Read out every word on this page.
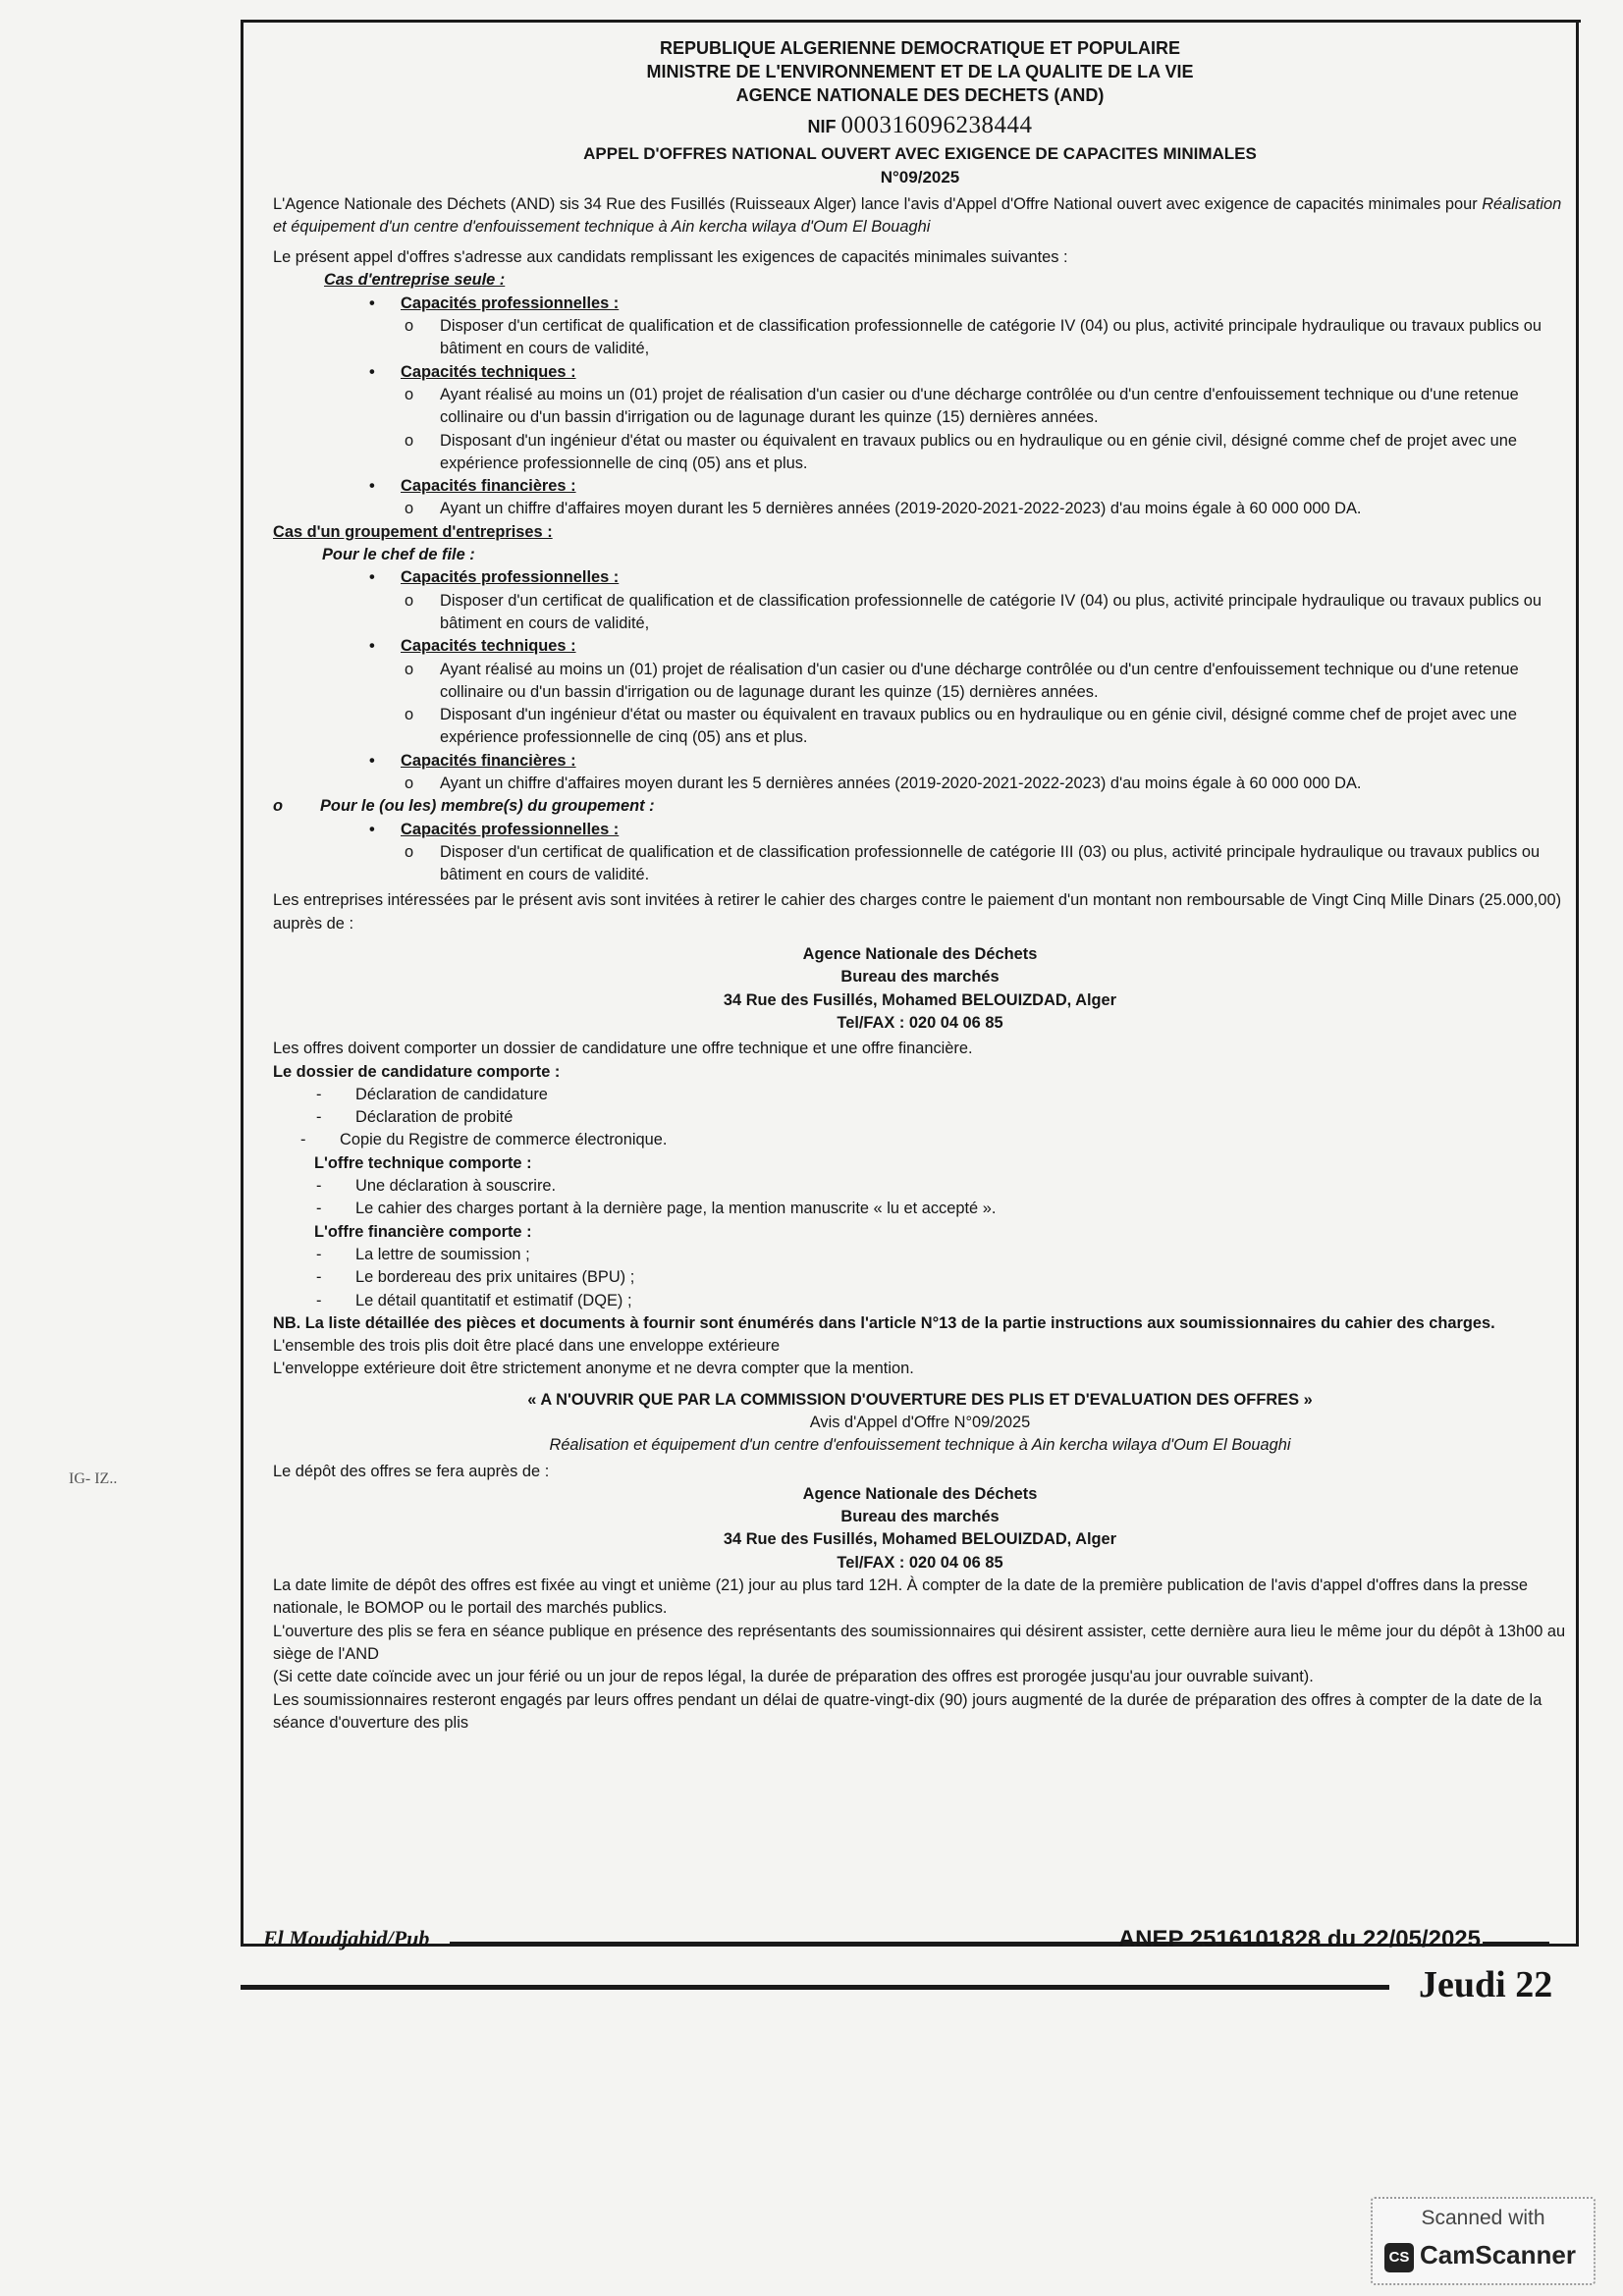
IG- IZ..

REPUBLIQUE ALGERIENNE DEMOCRATIQUE ET POPULAIRE

MINISTRE DE L'ENVIRONNEMENT ET DE LA QUALITE DE LA VIE

AGENCE NATIONALE DES DECHETS (AND)

NIF 000316096238444

APPEL D'OFFRES NATIONAL OUVERT AVEC EXIGENCE DE CAPACITES MINIMALES

N°09/2025

L'Agence Nationale des Déchets (AND) sis 34 Rue des Fusillés (Ruisseaux Alger) lance l'avis d'Appel d'Offre National ouvert avec exigence de capacités minimales pour Réalisation et équipement d'un centre d'enfouissement technique à Ain kercha wilaya d'Oum El Bouaghi

Le présent appel d'offres s'adresse aux candidats remplissant les exigences de capacités minimales suivantes :

Cas d'entreprise seule :

• Capacités professionnelles :

o Disposer d'un certificat de qualification et de classification professionnelle de catégorie IV (04) ou plus, activité principale hydraulique ou travaux publics ou bâtiment en cours de validité,

• Capacités techniques :

o Ayant réalisé au moins un (01) projet de réalisation d'un casier ou d'une décharge contrôlée ou d'un centre d'enfouissement technique ou d'une retenue collinaire ou d'un bassin d'irrigation ou de lagunage durant les quinze (15) dernières années.

o Disposant d'un ingénieur d'état ou master ou équivalent en travaux publics ou en hydraulique ou en génie civil, désigné comme chef de projet avec une expérience professionnelle de cinq (05) ans et plus.

• Capacités financières :

o Ayant un chiffre d'affaires moyen durant les 5 dernières années (2019-2020-2021-2022-2023) d'au moins égale à 60 000 000 DA.

Cas d'un groupement d'entreprises :

Pour le chef de file :

• Capacités professionnelles :

o Disposer d'un certificat de qualification et de classification professionnelle de catégorie IV (04) ou plus, activité principale hydraulique ou travaux publics ou bâtiment en cours de validité,

• Capacités techniques :

o Ayant réalisé au moins un (01) projet de réalisation d'un casier ou d'une décharge contrôlée ou d'un centre d'enfouissement technique ou d'une retenue collinaire ou d'un bassin d'irrigation ou de lagunage durant les quinze (15) dernières années.

o Disposant d'un ingénieur d'état ou master ou équivalent en travaux publics ou en hydraulique ou en génie civil, désigné comme chef de projet avec une expérience professionnelle de cinq (05) ans et plus.

• Capacités financières :

o Ayant un chiffre d'affaires moyen durant les 5 dernières années (2019-2020-2021-2022-2023) d'au moins égale à 60 000 000 DA.

o Pour le (ou les) membre(s) du groupement :

• Capacités professionnelles :

o Disposer d'un certificat de qualification et de classification professionnelle de catégorie III (03) ou plus, activité principale hydraulique ou travaux publics ou bâtiment en cours de validité.

Les entreprises intéressées par le présent avis sont invitées à retirer le cahier des charges contre le paiement d'un montant non remboursable de Vingt Cinq Mille Dinars (25.000,00) auprès de :

Agence Nationale des Déchets

Bureau des marchés

34 Rue des Fusillés, Mohamed BELOUIZDAD, Alger

Tel/FAX : 020 04 06 85

Les offres doivent comporter un dossier de candidature une offre technique et une offre financière.

Le dossier de candidature comporte :

- Déclaration de candidature

- Déclaration de probité

- Copie du Registre de commerce électronique.

L'offre technique comporte :

- Une déclaration à souscrire.

- Le cahier des charges portant à la dernière page, la mention manuscrite « lu et accepté ».

L'offre financière comporte :

- La lettre de soumission ;

- Le bordereau des prix unitaires (BPU) ;

- Le détail quantitatif et estimatif (DQE) ;

NB. La liste détaillée des pièces et documents à fournir sont énumérés dans l'article N°13 de la partie instructions aux soumissionnaires du cahier des charges.

L'ensemble des trois plis doit être placé dans une enveloppe extérieure

L'enveloppe extérieure doit être strictement anonyme et ne devra compter que la mention.

« A N'OUVRIR QUE PAR LA COMMISSION D'OUVERTURE DES PLIS ET D'EVALUATION DES OFFRES »

Avis d'Appel d'Offre N°09/2025

Réalisation et équipement d'un centre d'enfouissement technique à Ain kercha wilaya d'Oum El Bouaghi

Le dépôt des offres se fera auprès de :

Agence Nationale des Déchets

Bureau des marchés

34 Rue des Fusillés, Mohamed BELOUIZDAD, Alger

Tel/FAX : 020 04 06 85

La date limite de dépôt des offres est fixée au vingt et unième (21) jour au plus tard 12H. À compter de la date de la première publication de l'avis d'appel d'offres dans la presse nationale, le BOMOP ou le portail des marchés publics.

L'ouverture des plis se fera en séance publique en présence des représentants des soumissionnaires qui désirent assister, cette dernière aura lieu le même jour du dépôt à 13h00 au siège de l'AND

(Si cette date coïncide avec un jour férié ou un jour de repos légal, la durée de préparation des offres est prorogée jusqu'au jour ouvrable suivant).

Les soumissionnaires resteront engagés par leurs offres pendant un délai de quatre-vingt-dix (90) jours augmenté de la durée de préparation des offres à compter de la date de la séance d'ouverture des plis

El Moudjahid/Pub	ANEP 2516101828 du 22/05/2025
Jeudi 22
Scanned with
CS CamScanner
